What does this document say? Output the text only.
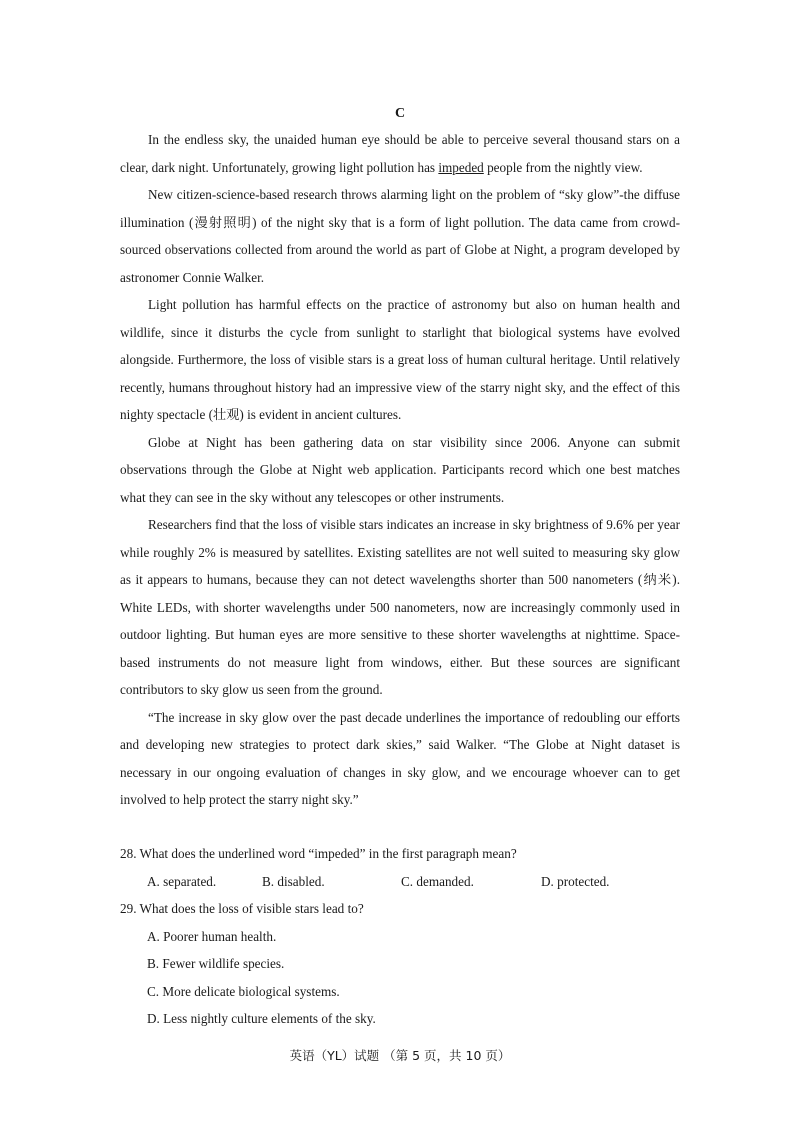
C

In the endless sky, the unaided human eye should be able to perceive several thousand stars on a clear, dark night. Unfortunately, growing light pollution has impeded people from the nightly view.

New citizen-science-based research throws alarming light on the problem of “sky glow”-the diffuse illumination (漫射照明) of the night sky that is a form of light pollution. The data came from crowd-sourced observations collected from around the world as part of Globe at Night, a program developed by astronomer Connie Walker.

Light pollution has harmful effects on the practice of astronomy but also on human health and wildlife, since it disturbs the cycle from sunlight to starlight that biological systems have evolved alongside. Furthermore, the loss of visible stars is a great loss of human cultural heritage. Until relatively recently, humans throughout history had an impressive view of the starry night sky, and the effect of this nighty spectacle (壮观) is evident in ancient cultures.

Globe at Night has been gathering data on star visibility since 2006. Anyone can submit observations through the Globe at Night web application. Participants record which one best matches what they can see in the sky without any telescopes or other instruments.

Researchers find that the loss of visible stars indicates an increase in sky brightness of 9.6% per year while roughly 2% is measured by satellites. Existing satellites are not well suited to measuring sky glow as it appears to humans, because they can not detect wavelengths shorter than 500 nanometers (纳米). White LEDs, with shorter wavelengths under 500 nanometers, now are increasingly commonly used in outdoor lighting. But human eyes are more sensitive to these shorter wavelengths at nighttime. Space-based instruments do not measure light from windows, either. But these sources are significant contributors to sky glow us seen from the ground.

“The increase in sky glow over the past decade underlines the importance of redoubling our efforts and developing new strategies to protect dark skies,” said Walker. “The Globe at Night dataset is necessary in our ongoing evaluation of changes in sky glow, and we encourage whoever can to get involved to help protect the starry night sky.”

28. What does the underlined word “impeded” in the first paragraph mean?
A. separated.	B. disabled.	C. demanded.	D. protected.
29. What does the loss of visible stars lead to?
A. Poorer human health.
B. Fewer wildlife species.
C. More delicate biological systems.
D. Less nightly culture elements of the sky.
英语（YL）试题 （第 5 页，共 10 页）
